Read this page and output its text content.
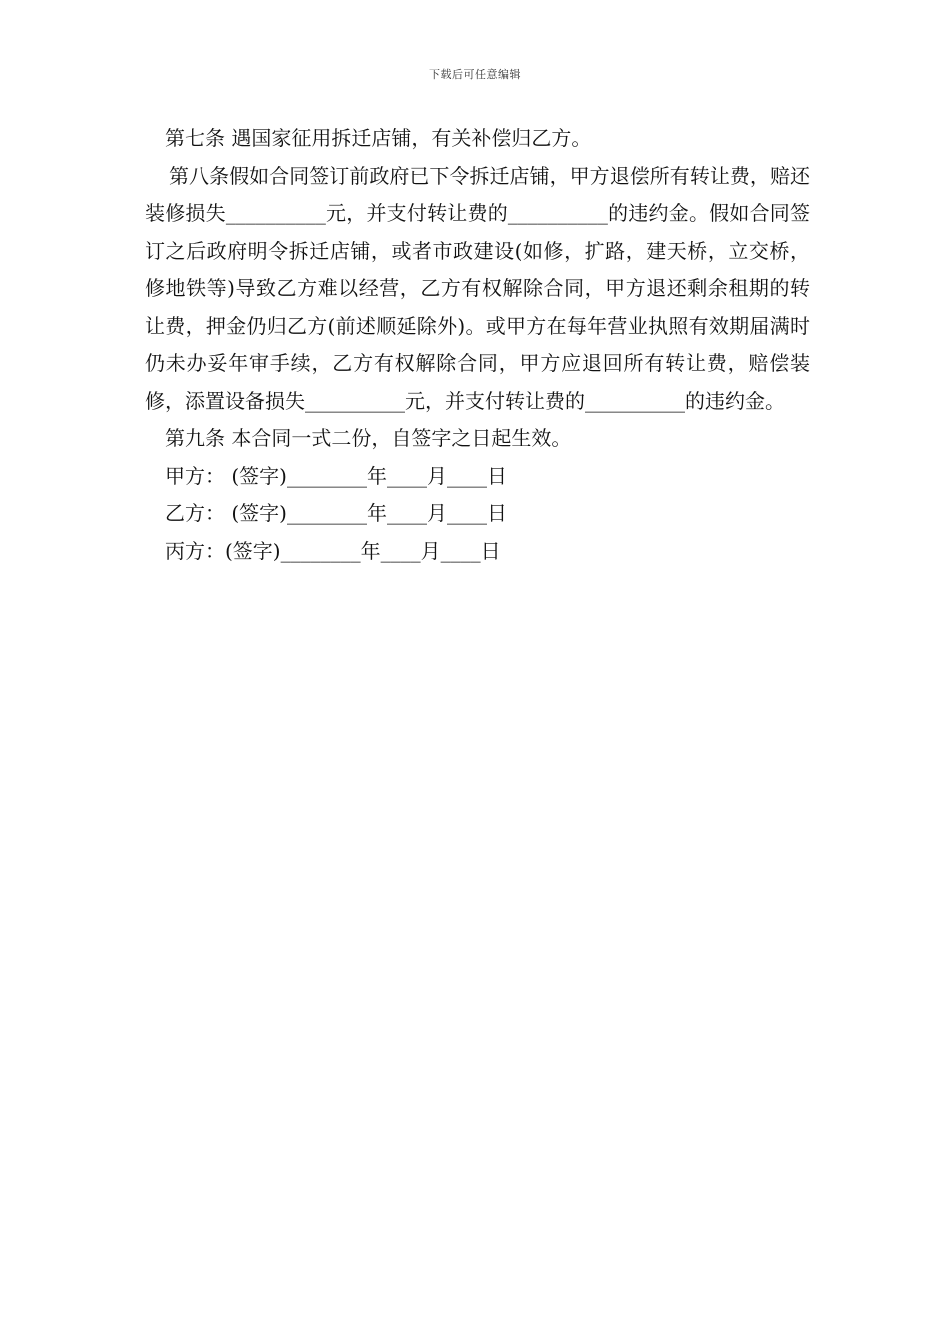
下载后可任意编辑

第七条 遇国家征用拆迁店铺，有关补偿归乙方。

第八条假如合同签订前政府已下令拆迁店铺，甲方退偿所有转让费，赔还装修损失__________元，并支付转让费的__________的违约金。假如合同签订之后政府明令拆迁店铺，或者市政建设(如修，扩路，建天桥，立交桥，修地铁等)导致乙方难以经营，乙方有权解除合同，甲方退还剩余租期的转让费，押金仍归乙方(前述顺延除外)。或甲方在每年营业执照有效期届满时仍未办妥年审手续，乙方有权解除合同，甲方应退回所有转让费，赔偿装修，添置设备损失__________元，并支付转让费的__________的违约金。

第九条 本合同一式二份，自签字之日起生效。

甲方： (签字)________年____月____日

乙方： (签字)________年____月____日

丙方：(签字)________年____月____日
